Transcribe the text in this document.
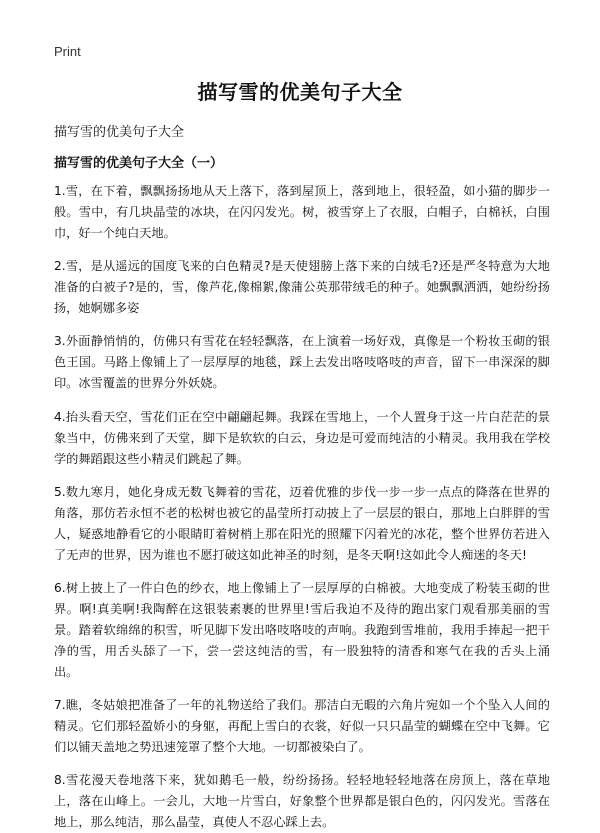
Print
描写雪的优美句子大全

描写雪的优美句子大全

描写雪的优美句子大全（一）

1.雪，在下着，飘飘扬扬地从天上落下，落到屋顶上，落到地上，很轻盈，如小猫的脚步一般。雪中，有几块晶莹的冰块，在闪闪发光。树，被雪穿上了衣服，白帽子，白棉袄，白围巾，好一个纯白天地。

2.雪，是从遥远的国度飞来的白色精灵?是天使翅膀上落下来的白绒毛?还是严冬特意为大地准备的白被子?是的，雪，像芦花,像棉絮,像蒲公英那带绒毛的种子。她飘飘洒洒，她纷纷扬扬，她婀娜多姿

3.外面静悄悄的，仿佛只有雪花在轻轻飘落，在上演着一场好戏，真像是一个粉妆玉砌的银色王国。马路上像铺上了一层厚厚的地毯，踩上去发出咯吱咯吱的声音，留下一串深深的脚印。冰雪覆盖的世界分外妖娆。

4.抬头看天空，雪花们正在空中翩翩起舞。我踩在雪地上，一个人置身于这一片白茫茫的景象当中，仿佛来到了天堂，脚下是软软的白云，身边是可爱而纯洁的小精灵。我用我在学校学的舞蹈跟这些小精灵们跳起了舞。

5.数九寒月，她化身成无数飞舞着的雪花，迈着优雅的步伐一步一步一点点的降落在世界的角落，那仿若永恒不老的松树也被它的晶莹所打动披上了一层层的银白，那地上白胖胖的雪人，疑惑地静看它的小眼睛盯着树梢上那在阳光的照耀下闪着光的冰花，整个世界仿若进入了无声的世界，因为谁也不愿打破这如此神圣的时刻，是冬天啊!这如此令人痴迷的冬天!

6.树上披上了一件白色的纱衣，地上像铺上了一层厚厚的白棉被。大地变成了粉装玉砌的世界。啊!真美啊!我陶醉在这银装素裹的世界里!雪后我迫不及待的跑出家门观看那美丽的雪景。踏着软绵绵的积雪，听见脚下发出咯吱咯吱的声响。我跑到雪堆前，我用手捧起一把干净的雪，用舌头舔了一下，尝一尝这纯洁的雪，有一股独特的清香和寒气在我的舌头上涌出。

7.瞧，冬姑娘把准备了一年的礼物送给了我们。那洁白无暇的六角片宛如一个个坠入人间的精灵。它们那轻盈娇小的身躯，再配上雪白的衣裳，好似一只只晶莹的蝴蝶在空中飞舞。它们以铺天盖地之势迅速笼罩了整个大地。一切都被染白了。

8.雪花漫天卷地落下来，犹如鹅毛一般，纷纷扬扬。轻轻地轻轻地落在房顶上，落在草地上，落在山峰上。一会儿，大地一片雪白，好象整个世界都是银白色的，闪闪发光。雪落在地上，那么纯洁，那么晶莹，真使人不忍心踩上去。
